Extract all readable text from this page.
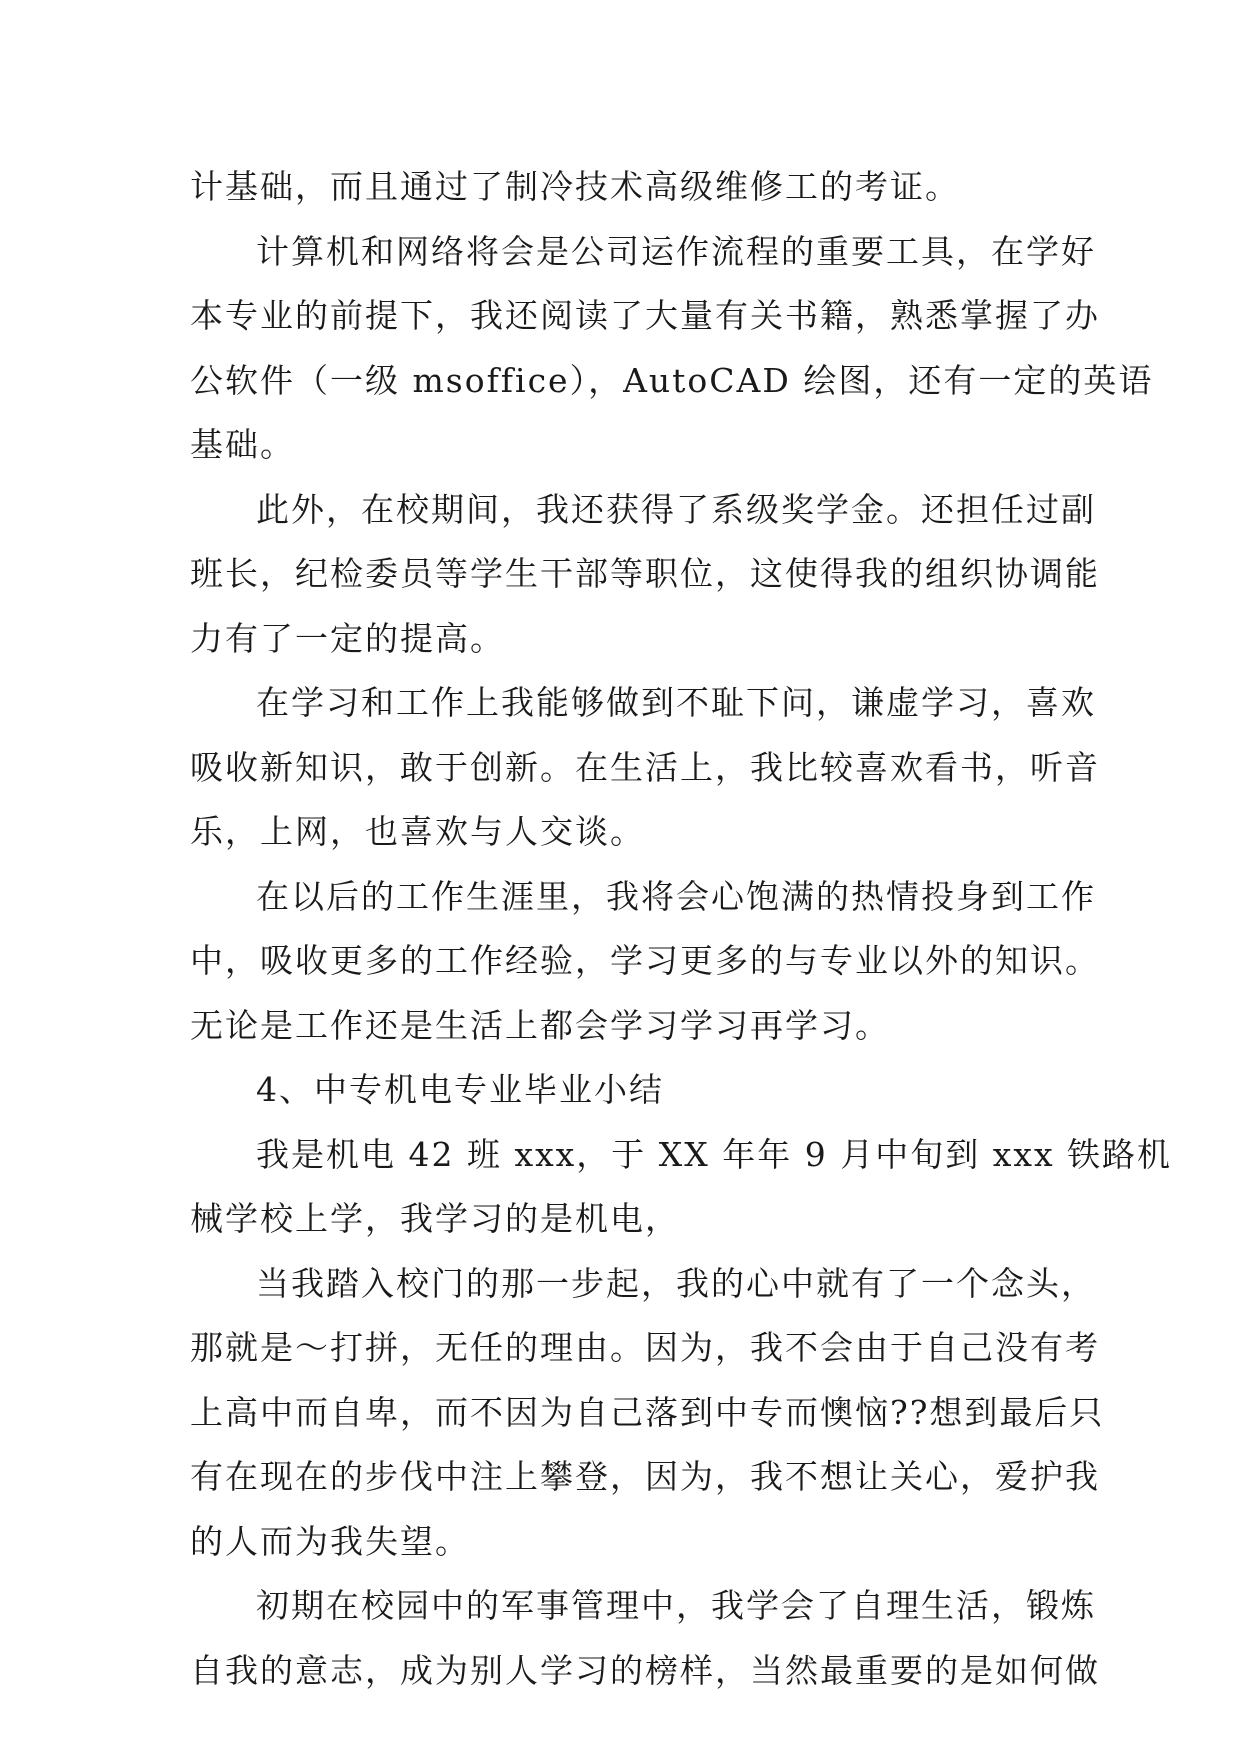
计基础，而且通过了制冷技术高级维修工的考证。
计算机和网络将会是公司运作流程的重要工具，在学好
本专业的前提下，我还阅读了大量有关书籍，熟悉掌握了办
公软件（一级 msoffice），AutoCAD 绘图，还有一定的英语
基础。
此外，在校期间，我还获得了系级奖学金。还担任过副
班长，纪检委员等学生干部等职位，这使得我的组织协调能
力有了一定的提高。
在学习和工作上我能够做到不耻下问，谦虚学习，喜欢
吸收新知识，敢于创新。在生活上，我比较喜欢看书，听音
乐，上网，也喜欢与人交谈。
在以后的工作生涯里，我将会心饱满的热情投身到工作
中，吸收更多的工作经验，学习更多的与专业以外的知识。
无论是工作还是生活上都会学习学习再学习。
4、中专机电专业毕业小结
我是机电 42 班 xxx，于 XX 年年 9 月中旬到 xxx 铁路机
械学校上学，我学习的是机电，
当我踏入校门的那一步起，我的心中就有了一个念头，
那就是～打拼，无任的理由。因为，我不会由于自己没有考
上高中而自卑，而不因为自己落到中专而懊恼??想到最后只
有在现在的步伐中注上攀登，因为，我不想让关心，爱护我
的人而为我失望。
初期在校园中的军事管理中，我学会了自理生活，锻炼
自我的意志，成为别人学习的榜样，当然最重要的是如何做
